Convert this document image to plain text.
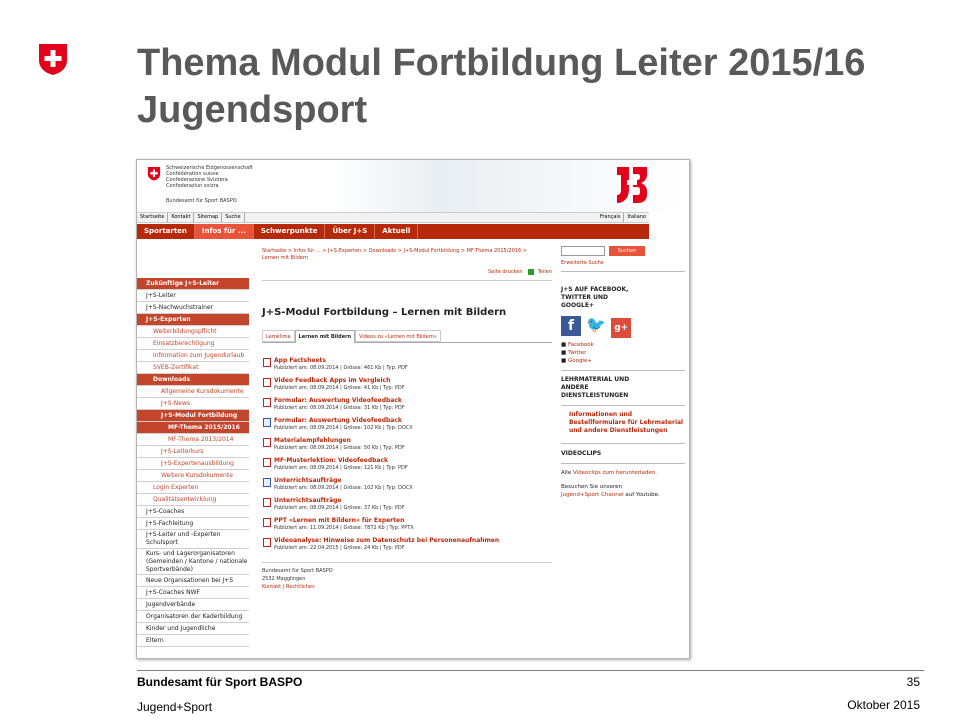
Thema Modul Fortbildung Leiter 2015/16
Jugendsport
Schweizerische Eidgenossenschaft
Confédération suisse
Confederazione Svizzera
Confederaziun svizra
Bundesamt für Sport BASPO
Startseite	Kontakt	Sitemap	Suche	Italiano
Français
Sportarten	Infos für ...	Schwerpunkte	Über J+S	Aktuell
Zukünftige J+S-Leiter
J+S-Leiter
J+S-Nachwuchstrainer
J+S-Experten
Weiterbildungspflicht
Einsatzberechtigung
Information zum Jugendurlaub
SVEB-Zertifikat
Downloads
Allgemeine Kursdokumente
J+S-News
J+S-Modul Fortbildung
MF-Thema 2015/2016
MF-Thema 2013/2014
J+S-Leiterkurs
J+S-Expertenausbildung
Weitere Kursdokumente
Login Experten
Qualitätsentwicklung
J+S-Coaches
J+S-Fachleitung
J+S-Leiter und -Experten Schulsport
Kurs- und Lagerorganisatoren (Gemeinden / Kantone / nationale Sportverbände)
Neue Organisationen bei J+S
J+S-Coaches NWF
Jugendverbände
Organisatoren der Kaderbildung
Kinder und Jugendliche
Eltern
Startseite > Infos für ... > J+S-Experten > Downloads > J+S-Modul Fortbildung > MF-Thema 2015/2016 > Lernen mit Bildern
Seite drucken	Teilen
J+S-Modul Fortbildung – Lernen mit Bildern
Lernklima Lernen mit Bildern Videos zu «Lernen mit Bildern»
App Factsheets
Publiziert am: 08.09.2014 | Grösse: 461 Kb | Typ: PDF
Video Feedback Apps im Vergleich
Publiziert am: 08.09.2014 | Grösse: 41 Kb | Typ: PDF
Formular: Auswertung Videofeedback
Publiziert am: 08.09.2014 | Grösse: 31 Kb | Typ: PDF
Formular: Auswertung Videofeedback
Publiziert am: 08.09.2014 | Grösse: 102 Kb | Typ: DOCX
Materialempfehlungen
Publiziert am: 08.09.2014 | Grösse: 50 Kb | Typ: PDF
MF-Musterlektion: Videofeedback
Publiziert am: 08.09.2014 | Grösse: 121 Kb | Typ: PDF
Unterrichtsaufträge
Publiziert am: 08.09.2014 | Grösse: 102 Kb | Typ: DOCX
Unterrichtsaufträge
Publiziert am: 08.09.2014 | Grösse: 37 Kb | Typ: PDF
PPT «Lernen mit Bildern» für Experten
Publiziert am: 11.09.2014 | Grösse: 7872 Kb | Typ: PPTX
Videoanalyse: Hinweise zum Datenschutz bei Personenaufnahmen
Publiziert am: 22.04.2015 | Grösse: 24 Kb | Typ: PDF
Bundesamt für Sport BASPO
2532 Magglingen
Kontakt | Rechtliches
Suchen
Erweiterte Suche
J+S AUF FACEBOOK, TWITTER UND GOOGLE+
f 🐦 g+
■ Facebook
■ Twitter
■ Google+
LEHRMATERIAL UND ANDERE DIENSTLEISTUNGEN
Informationen und Bestellformulare für Lehrmaterial und andere Dienstleistungen
VIDEOCLIPS
Alle Videoclips zum herunterladen.
Besuchen Sie unseren Jugend+Sport Channel auf Youtube.
Bundesamt für Sport BASPO
Jugend+Sport
35
Oktober 2015
